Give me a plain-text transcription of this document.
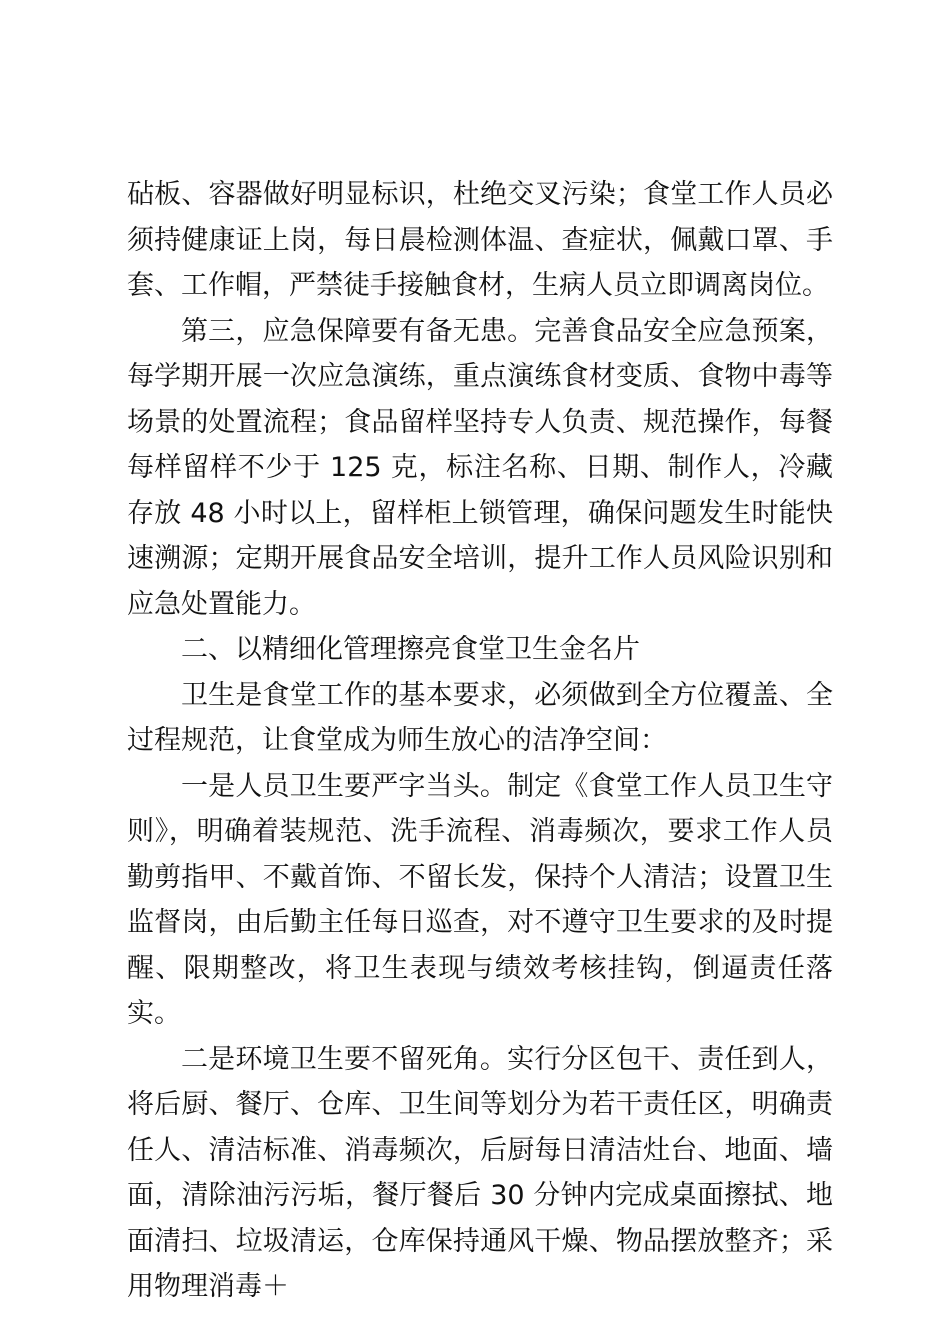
砧板、容器做好明显标识，杜绝交叉污染；食堂工作人员必须持健康证上岗，每日晨检测体温、查症状，佩戴口罩、手套、工作帽，严禁徒手接触食材，生病人员立即调离岗位。

第三，应急保障要有备无患。完善食品安全应急预案，每学期开展一次应急演练，重点演练食材变质、食物中毒等场景的处置流程；食品留样坚持专人负责、规范操作，每餐每样留样不少于 125 克，标注名称、日期、制作人，冷藏存放 48 小时以上，留样柜上锁管理，确保问题发生时能快速溯源；定期开展食品安全培训，提升工作人员风险识别和应急处置能力。

二、以精细化管理擦亮食堂卫生金名片

卫生是食堂工作的基本要求，必须做到全方位覆盖、全过程规范，让食堂成为师生放心的洁净空间：

一是人员卫生要严字当头。制定《食堂工作人员卫生守则》，明确着装规范、洗手流程、消毒频次，要求工作人员勤剪指甲、不戴首饰、不留长发，保持个人清洁；设置卫生监督岗，由后勤主任每日巡查，对不遵守卫生要求的及时提醒、限期整改，将卫生表现与绩效考核挂钩，倒逼责任落实。

二是环境卫生要不留死角。实行分区包干、责任到人，将后厨、餐厅、仓库、卫生间等划分为若干责任区，明确责任人、清洁标准、消毒频次，后厨每日清洁灶台、地面、墙面，清除油污污垢，餐厅餐后 30 分钟内完成桌面擦拭、地面清扫、垃圾清运，仓库保持通风干燥、物品摆放整齐；采用物理消毒＋
